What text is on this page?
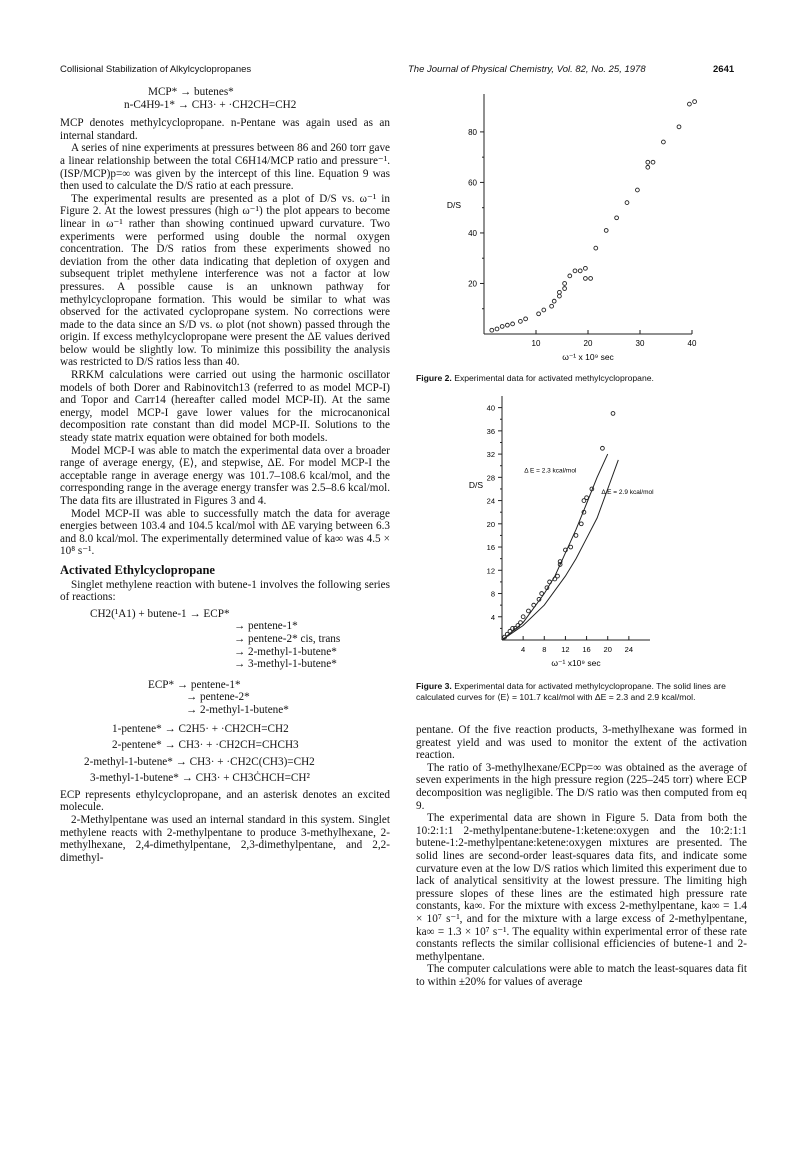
Collisional Stabilization of Alkylcyclopropanes	The Journal of Physical Chemistry, Vol. 82, No. 25, 1978	2641

MCP* → butenes*

n-C4H9-1* → CH3· + ·CH2CH=CH2

MCP denotes methylcyclopropane. n-Pentane was again used as an internal standard.

A series of nine experiments at pressures between 86 and 260 torr gave a linear relationship between the total C6H14/MCP ratio and pressure⁻¹. (ISP/MCP)p=∞ was given by the intercept of this line. Equation 9 was then used to calculate the D/S ratio at each pressure.

The experimental results are presented as a plot of D/S vs. ω⁻¹ in Figure 2. At the lowest pressures (high ω⁻¹) the plot appears to become linear in ω⁻¹ rather than showing continued upward curvature. Two experiments were performed using double the normal oxygen concentration. The D/S ratios from these experiments showed no deviation from the other data indicating that depletion of oxygen and subsequent triplet methylene interference was not a factor at low pressures. A possible cause is an unknown pathway for methylcyclopropane formation. This would be similar to what was observed for the activated cyclopropane system. No corrections were made to the data since an S/D vs. ω plot (not shown) passed through the origin. If excess methylcyclopropane were present the ΔE values derived below would be slightly low. To minimize this possibility the analysis was restricted to D/S ratios less than 40.

RRKM calculations were carried out using the harmonic oscillator models of both Dorer and Rabinovitch13 (referred to as model MCP-I) and Topor and Carr14 (hereafter called model MCP-II). At the same energy, model MCP-I gave lower values for the microcanonical decomposition rate constant than did model MCP-II. Solutions to the steady state matrix equation were obtained for both models.

Model MCP-I was able to match the experimental data over a broader range of average energy, ⟨E⟩, and stepwise, ΔE. For model MCP-I the acceptable range in average energy was 101.7–108.6 kcal/mol, and the corresponding range in the average energy transfer was 2.5–8.6 kcal/mol. The data fits are illustrated in Figures 3 and 4.

Model MCP-II was able to successfully match the data for average energies between 103.4 and 104.5 kcal/mol with ΔE varying between 6.3 and 8.0 kcal/mol. The experimentally determined value of ka∞ was 4.5 × 10⁸ s⁻¹.

Activated Ethylcyclopropane

Singlet methylene reaction with butene-1 involves the following series of reactions:

CH2(¹A1) + butene-1 → ECP*

→ pentene-1*

→ pentene-2* cis, trans

→ 2-methyl-1-butene*

→ 3-methyl-1-butene*

ECP* → pentene-1*

→ pentene-2*

→ 2-methyl-1-butene*

1-pentene* → C2H5· + ·CH2CH=CH2

2-pentene* → CH3· + ·CH2CH=CHCH3

2-methyl-1-butene* → CH3· + ·CH2C(CH3)=CH2

3-methyl-1-butene* → CH3· + CH3ĊHCH=CH²

ECP represents ethylcyclopropane, and an asterisk denotes an excited molecule.

2-Methylpentane was used an internal standard in this system. Singlet methylene reacts with 2-methylpentane to produce 3-methylhexane, 2-methylhexane, 2,4-dimethylpentane, 2,3-dimethylpentane, and 2,2-dimethyl-

20
40
60
80
10	20	30	40
D/S
ω⁻¹ x 10⁹ sec
Figure 2. Experimental data for activated methylcyclopropane.
4
8
12
16
20
24
28
32
36
40
4 8 12 16 20 24
D/S
ω⁻¹ x10⁹ sec
Δ E = 2.3 kcal/mol
Δ E = 2.9 kcal/mol
Figure 3. Experimental data for activated methylcyclopropane. The solid lines are calculated curves for ⟨E⟩ = 101.7 kcal/mol with ΔE = 2.3 and 2.9 kcal/mol.

pentane. Of the five reaction products, 3-methylhexane was formed in greatest yield and was used to monitor the extent of the activation reaction.

The ratio of 3-methylhexane/ECPp=∞ was obtained as the average of seven experiments in the high pressure region (225–245 torr) where ECP decomposition was negligible. The D/S ratio was then computed from eq 9.

The experimental data are shown in Figure 5. Data from both the 10:2:1:1 2-methylpentane:butene-1:ketene:oxygen and the 10:2:1:1 butene-1:2-methylpentane:ketene:oxygen mixtures are presented. The solid lines are second-order least-squares data fits, and indicate some curvature even at the low D/S ratios which limited this experiment due to lack of analytical sensitivity at the lowest pressure. The limiting high pressure slopes of these lines are the estimated high pressure rate constants, ka∞. For the mixture with excess 2-methylpentane, ka∞ = 1.4 × 10⁷ s⁻¹, and for the mixture with a large excess of 2-methylpentane, ka∞ = 1.3 × 10⁷ s⁻¹. The equality within experimental error of these rate constants reflects the similar collisional efficiencies of butene-1 and 2-methylpentane.

The computer calculations were able to match the least-squares data fit to within ±20% for values of average
